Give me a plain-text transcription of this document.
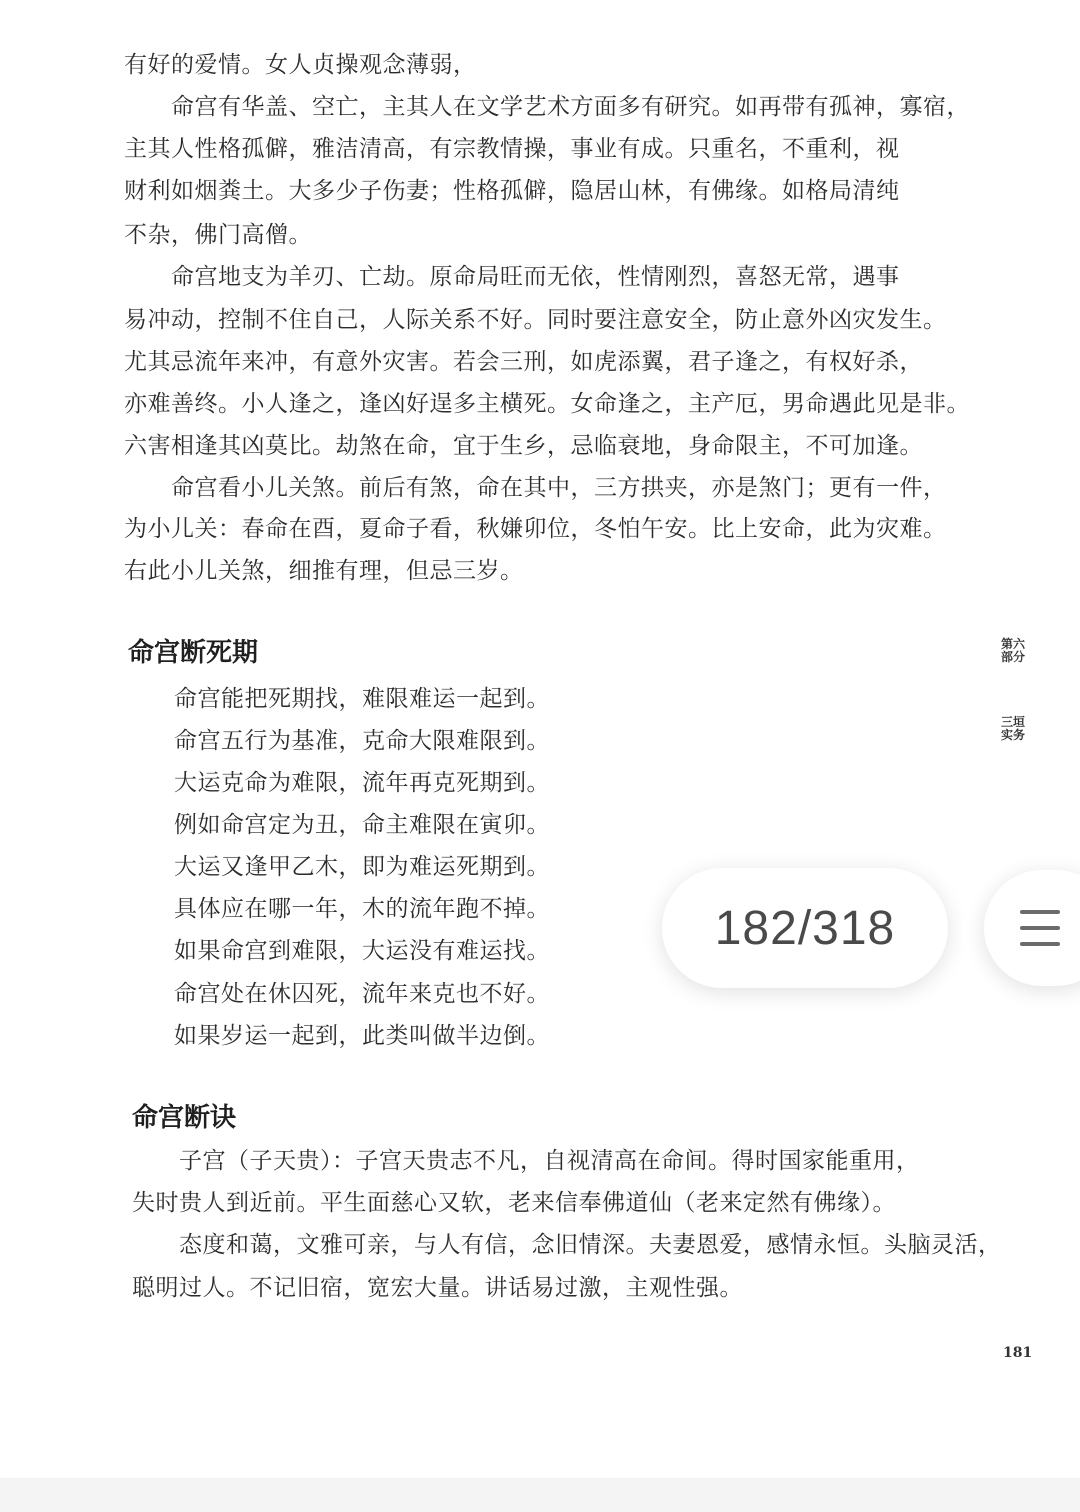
有好的爱情。女人贞操观念薄弱，
　　命宫有华盖、空亡，主其人在文学艺术方面多有研究。如再带有孤神，寡宿，
主其人性格孤僻，雅洁清高，有宗教情操，事业有成。只重名，不重利，视
财利如烟粪土。大多少子伤妻；性格孤僻，隐居山林，有佛缘。如格局清纯
不杂，佛门高僧。
　　命宫地支为羊刃、亡劫。原命局旺而无依，性情刚烈，喜怒无常，遇事
易冲动，控制不住自己，人际关系不好。同时要注意安全，防止意外凶灾发生。
尤其忌流年来冲，有意外灾害。若会三刑，如虎添翼，君子逢之，有权好杀，
亦难善终。小人逢之，逢凶好逞多主横死。女命逢之，主产厄，男命遇此见是非。
六害相逢其凶莫比。劫煞在命，宜于生乡，忌临衰地，身命限主，不可加逢。
　　命宫看小儿关煞。前后有煞，命在其中，三方拱夹，亦是煞门；更有一件，
为小儿关：春命在酉，夏命子看，秋嫌卯位，冬怕午安。比上安命，此为灾难。
右此小儿关煞，细推有理，但忌三岁。
命宫断死期
命宫能把死期找，难限难运一起到。
命宫五行为基准，克命大限难限到。
大运克命为难限，流年再克死期到。
例如命宫定为丑，命主难限在寅卯。
大运又逢甲乙木，即为难运死期到。
具体应在哪一年，木的流年跑不掉。
如果命宫到难限，大运没有难运找。
命宫处在休囚死，流年来克也不好。
如果岁运一起到，此类叫做半边倒。
命宫断诀
　　子宫（子天贵）：子宫天贵志不凡，自视清高在命间。得时国家能重用，
失时贵人到近前。平生面慈心又软，老来信奉佛道仙（老来定然有佛缘）。
　　态度和蔼，文雅可亲，与人有信，念旧情深。夫妻恩爱，感情永恒。头脑灵活，
聪明过人。不记旧宿，宽宏大量。讲话易过激，主观性强。
第六部分
三垣实务
181
182/318
